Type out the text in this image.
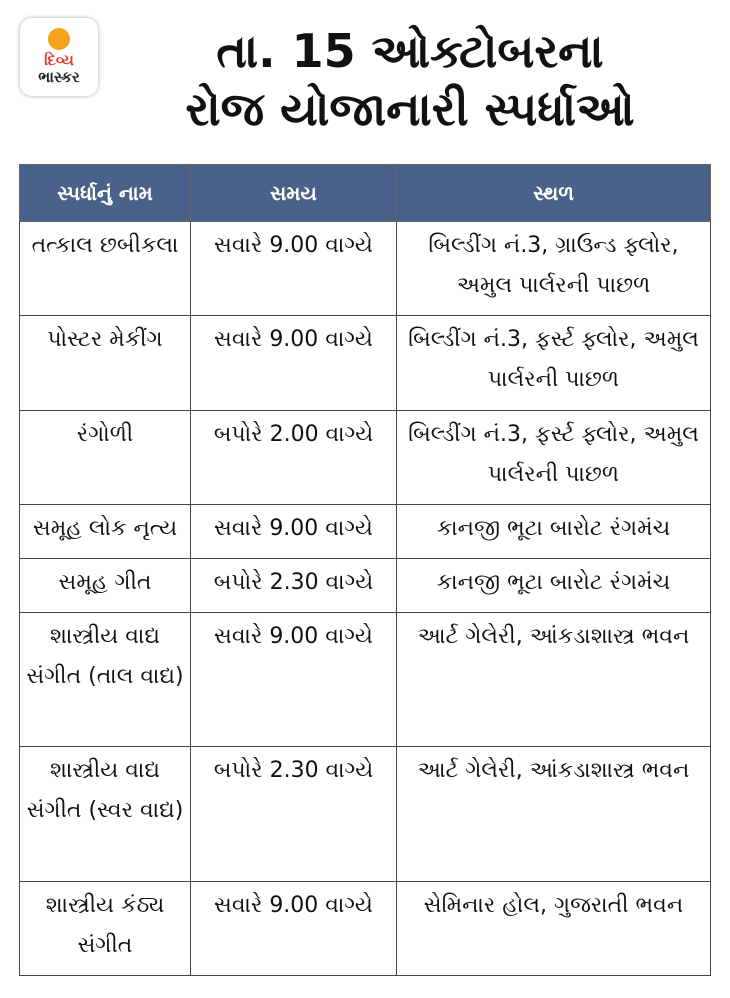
દિવ્ય
ભાસ્કર	તા. 15 ઓક્ટોબરના
રોજ યોજાનારી સ્પર્ધાઓ
સ્પર્ધાનું નામ	સમય	સ્થળ
તત્કાલ છબીકલા	સવારે 9.00 વાગ્યે	બિલ્ડીંગ નં.3, ગ્રાઉન્ડ ફ્લોર, અમુલ પાર્લરની પાછળ
પોસ્ટર મેકીંગ	સવારે 9.00 વાગ્યે	બિલ્ડીંગ નં.3, ફર્સ્ટ ફ્લોર, અમુલ પાર્લરની પાછળ
રંગોળી	બપોરે 2.00 વાગ્યે	બિલ્ડીંગ નં.3, ફર્સ્ટ ફ્લોર, અમુલ પાર્લરની પાછળ
સમૂહ લોક નૃત્ય	સવારે 9.00 વાગ્યે	કાનજી ભૂટા બારોટ રંગમંચ
સમૂહ ગીત	બપોરે 2.30 વાગ્યે	કાનજી ભૂટા બારોટ રંગમંચ
શાસ્ત્રીય વાદ્ય સંગીત (તાલ વાદ્ય)	સવારે 9.00 વાગ્યે	આર્ટ ગેલેરી, આંકડાશાસ્ત્ર ભવન
શાસ્ત્રીય વાદ્ય સંગીત (સ્વર વાદ્ય)	બપોરે 2.30 વાગ્યે	આર્ટ ગેલેરી, આંકડાશાસ્ત્ર ભવન
શાસ્ત્રીય કંઠ્ય સંગીત	સવારે 9.00 વાગ્યે	સેમિનાર હોલ, ગુજરાતી ભવન
